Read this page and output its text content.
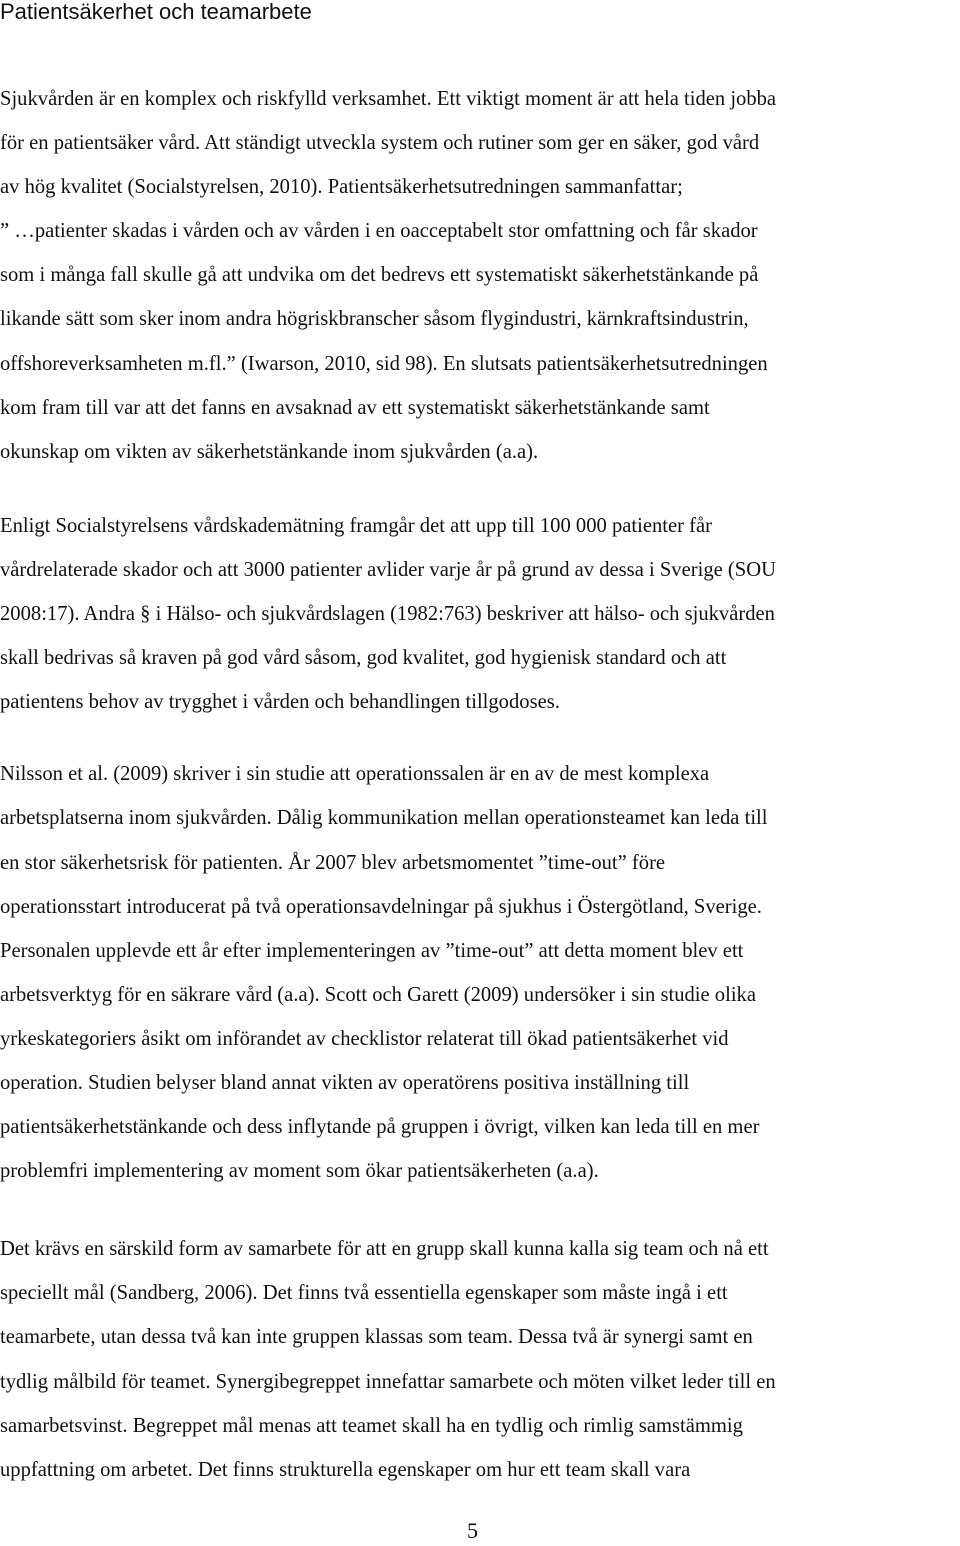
Patientsäkerhet och teamarbete

Sjukvården är en komplex och riskfylld verksamhet. Ett viktigt moment är att hela tiden jobba
för en patientsäker vård. Att ständigt utveckla system och rutiner som ger en säker, god vård
av hög kvalitet (Socialstyrelsen, 2010). Patientsäkerhetsutredningen sammanfattar;
” …patienter skadas i vården och av vården i en oacceptabelt stor omfattning och får skador
som i många fall skulle gå att undvika om det bedrevs ett systematiskt säkerhetstänkande på
likande sätt som sker inom andra högriskbranscher såsom flygindustri, kärnkraftsindustrin,
offshoreverksamheten m.fl.” (Iwarson, 2010, sid 98). En slutsats patientsäkerhetsutredningen
kom fram till var att det fanns en avsaknad av ett systematiskt säkerhetstänkande samt
okunskap om vikten av säkerhetstänkande inom sjukvården (a.a).

Enligt Socialstyrelsens vårdskademätning framgår det att upp till 100 000 patienter får
vårdrelaterade skador och att 3000 patienter avlider varje år på grund av dessa i Sverige (SOU
2008:17). Andra § i Hälso- och sjukvårdslagen (1982:763) beskriver att hälso- och sjukvården
skall bedrivas så kraven på god vård såsom, god kvalitet, god hygienisk standard och att
patientens behov av trygghet i vården och behandlingen tillgodoses.

Nilsson et al. (2009) skriver i sin studie att operationssalen är en av de mest komplexa
arbetsplatserna inom sjukvården. Dålig kommunikation mellan operationsteamet kan leda till
en stor säkerhetsrisk för patienten. År 2007 blev arbetsmomentet ”time-out” före
operationsstart introducerat på två operationsavdelningar på sjukhus i Östergötland, Sverige.
Personalen upplevde ett år efter implementeringen av ”time-out” att detta moment blev ett
arbetsverktyg för en säkrare vård (a.a). Scott och Garett (2009) undersöker i sin studie olika
yrkeskategoriers åsikt om införandet av checklistor relaterat till ökad patientsäkerhet vid
operation. Studien belyser bland annat vikten av operatörens positiva inställning till
patientsäkerhetstänkande och dess inflytande på gruppen i övrigt, vilken kan leda till en mer
problemfri implementering av moment som ökar patientsäkerheten (a.a).

Det krävs en särskild form av samarbete för att en grupp skall kunna kalla sig team och nå ett
speciellt mål (Sandberg, 2006). Det finns två essentiella egenskaper som måste ingå i ett
teamarbete, utan dessa två kan inte gruppen klassas som team. Dessa två är synergi samt en
tydlig målbild för teamet. Synergibegreppet innefattar samarbete och möten vilket leder till en
samarbetsvinst. Begreppet mål menas att teamet skall ha en tydlig och rimlig samstämmig
uppfattning om arbetet. Det finns strukturella egenskaper om hur ett team skall vara

5
